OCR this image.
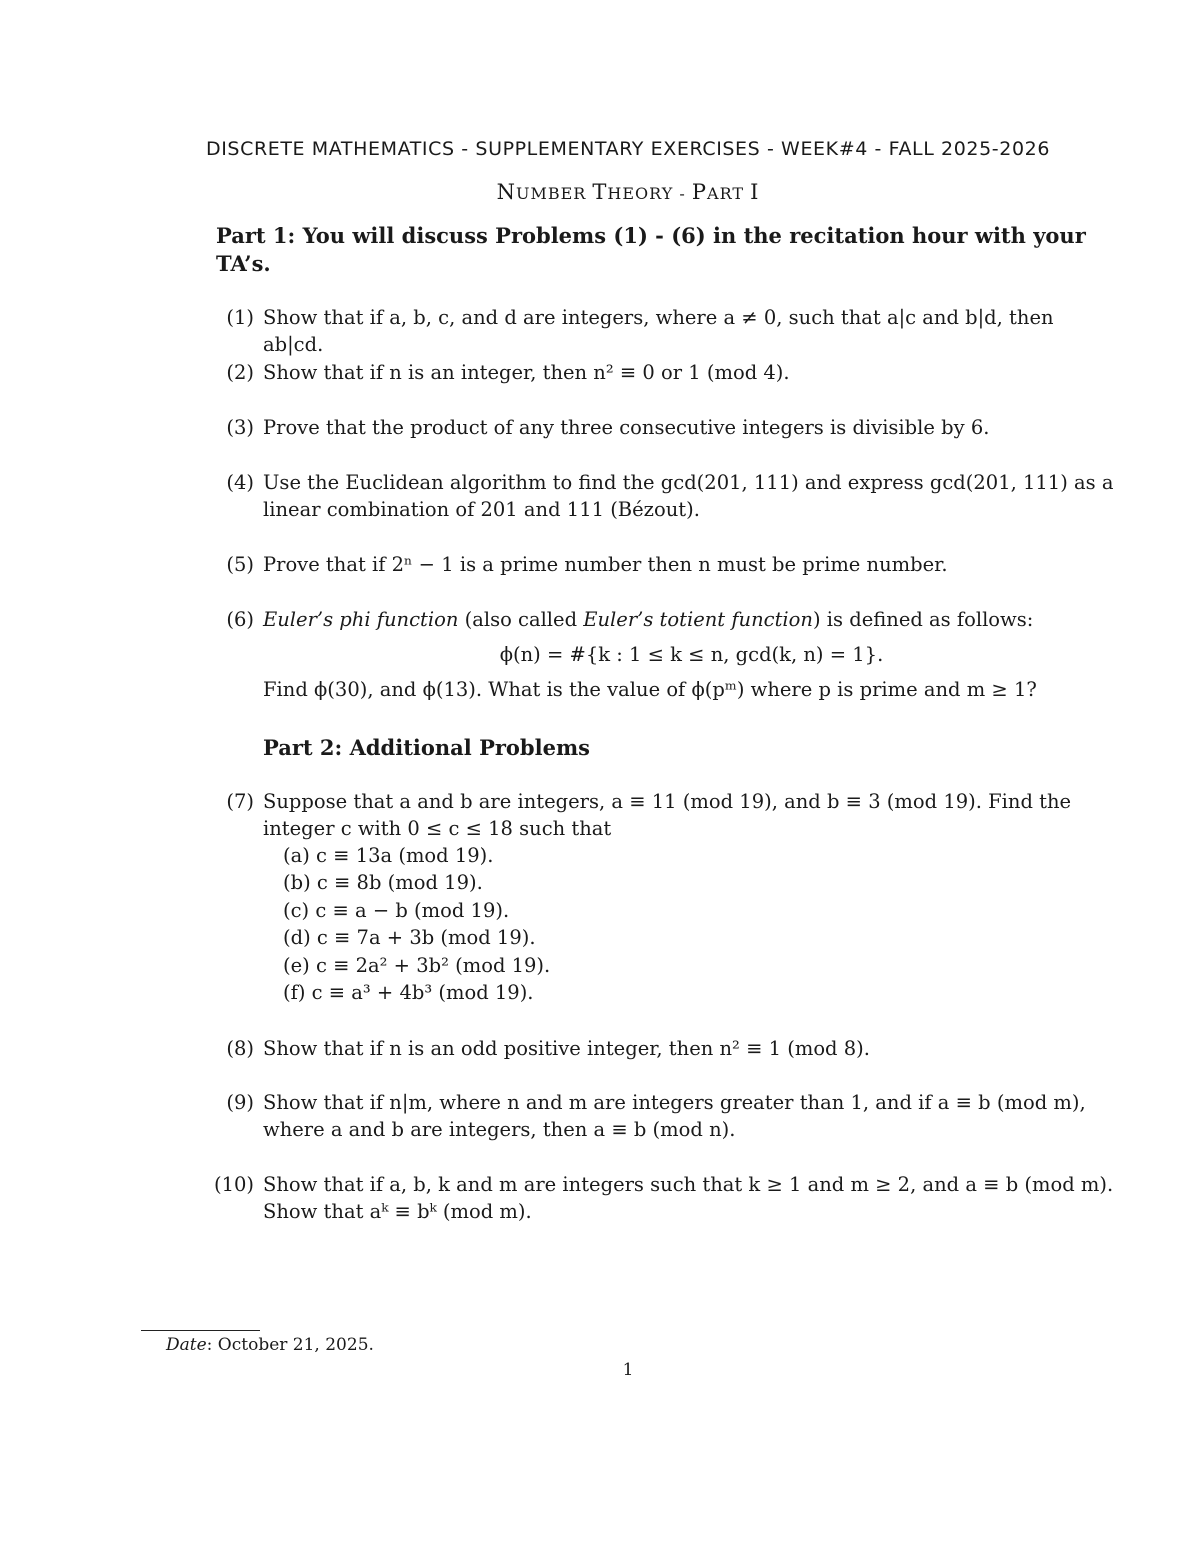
DISCRETE MATHEMATICS - SUPPLEMENTARY EXERCISES - WEEK#4 - FALL 2025-2026
NUMBER THEORY - PART I
Part 1: You will discuss Problems (1) - (6) in the recitation hour with your TA’s.
(1) Show that if a, b, c, and d are integers, where a ≠ 0, such that a|c and b|d, then ab|cd.
(2) Show that if n is an integer, then n² ≡ 0 or 1 (mod 4).
(3) Prove that the product of any three consecutive integers is divisible by 6.
(4) Use the Euclidean algorithm to find the gcd(201, 111) and express gcd(201, 111) as a linear combination of 201 and 111 (Bézout).
(5) Prove that if 2ⁿ − 1 is a prime number then n must be prime number.
(6) Euler’s phi function (also called Euler’s totient function) is defined as follows:
ϕ(n) = #{k : 1 ≤ k ≤ n, gcd(k, n) = 1}.
Find ϕ(30), and ϕ(13). What is the value of ϕ(pᵐ) where p is prime and m ≥ 1?
Part 2: Additional Problems
(7) Suppose that a and b are integers, a ≡ 11 (mod 19), and b ≡ 3 (mod 19). Find the integer c with 0 ≤ c ≤ 18 such that
(a) c ≡ 13a (mod 19).
(b) c ≡ 8b (mod 19).
(c) c ≡ a − b (mod 19).
(d) c ≡ 7a + 3b (mod 19).
(e) c ≡ 2a² + 3b² (mod 19).
(f) c ≡ a³ + 4b³ (mod 19).
(8) Show that if n is an odd positive integer, then n² ≡ 1 (mod 8).
(9) Show that if n|m, where n and m are integers greater than 1, and if a ≡ b (mod m), where a and b are integers, then a ≡ b (mod n).
(10) Show that if a, b, k and m are integers such that k ≥ 1 and m ≥ 2, and a ≡ b (mod m). Show that aᵏ ≡ bᵏ (mod m).
Date: October 21, 2025.
1
